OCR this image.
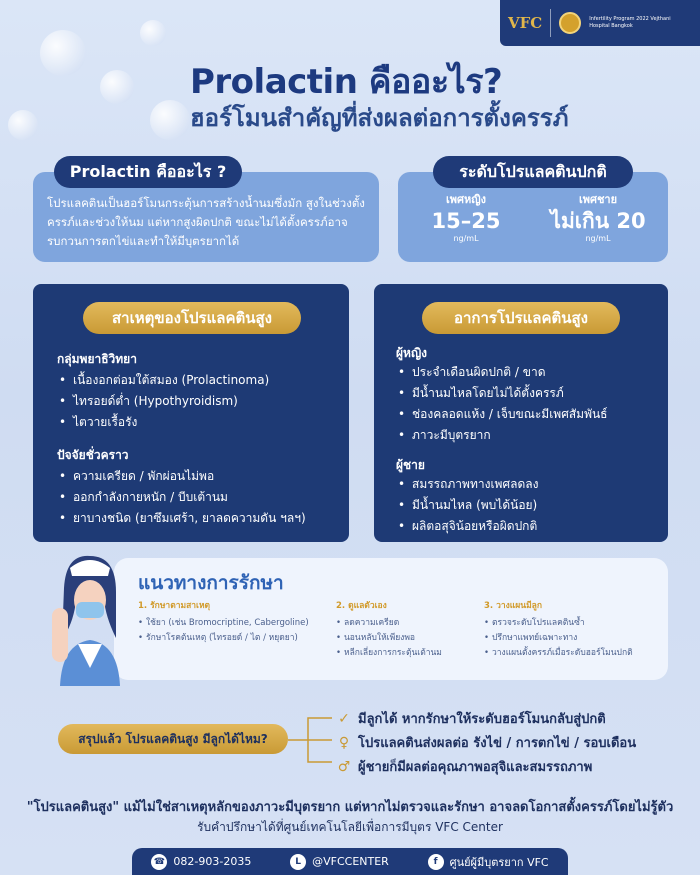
VFC	Infertility Program 2022 Vejthani Hospital Bangkok
Prolactin คืออะไร?
ฮอร์โมนสำคัญที่ส่งผลต่อการตั้งครรภ์
โปรแลคตินเป็นฮอร์โมนกระตุ้นการสร้างน้ำนมซึ่งมัก สูงในช่วงตั้งครรภ์และช่วงให้นม แต่หากสูงผิดปกติ ขณะไม่ได้ตั้งครรภ์อาจรบกวนการตกไข่และทำให้มีบุตรยากได้
Prolactin คืออะไร ?
เพศหญิง
15–25
ng/mL
เพศชาย
ไม่เกิน 20
ng/mL
ระดับโปรแลคตินปกติ
สาเหตุของโปรแลคตินสูง
กลุ่มพยาธิวิทยา
• เนื้องอกต่อมใต้สมอง (Prolactinoma)
• ไทรอยด์ต่ำ (Hypothyroidism)
• ไตวายเรื้อรัง
ปัจจัยชั่วคราว
• ความเครียด / พักผ่อนไม่พอ
• ออกกำลังกายหนัก / บีบเต้านม
• ยาบางชนิด (ยาซึมเศร้า, ยาลดความดัน ฯลฯ)
อาการโปรแลคตินสูง
ผู้หญิง
• ประจำเดือนผิดปกติ / ขาด
• มีน้ำนมไหลโดยไม่ได้ตั้งครรภ์
• ช่องคลอดแห้ง / เจ็บขณะมีเพศสัมพันธ์
• ภาวะมีบุตรยาก
ผู้ชาย
• สมรรถภาพทางเพศลดลง
• มีน้ำนมไหล (พบได้น้อย)
• ผลิตอสุจิน้อยหรือผิดปกติ
แนวทางการรักษา
1. รักษาตามสาเหตุ
• ใช้ยา (เช่น Bromocriptine, Cabergoline)
• รักษาโรคต้นเหตุ (ไทรอยด์ / ไต / หยุดยา)
2. ดูแลตัวเอง
• ลดความเครียด
• นอนหลับให้เพียงพอ
• หลีกเลี่ยงการกระตุ้นเต้านม
3. วางแผนมีลูก
• ตรวจระดับโปรแลคตินซ้ำ
• ปรึกษาแพทย์เฉพาะทาง
• วางแผนตั้งครรภ์เมื่อระดับฮอร์โมนปกติ
สรุปแล้ว โปรแลคตินสูง มีลูกได้ไหม?
✓ มีลูกได้ หากรักษาให้ระดับฮอร์โมนกลับสู่ปกติ
♀ โปรแลคตินส่งผลต่อ รังไข่ / การตกไข่ / รอบเดือน
♂ ผู้ชายก็มีผลต่อคุณภาพอสุจิและสมรรถภาพ
"โปรแลคตินสูง" แม้ไม่ใช่สาเหตุหลักของภาวะมีบุตรยาก แต่หากไม่ตรวจและรักษา อาจลดโอกาสตั้งครรภ์โดยไม่รู้ตัว
รับคำปรึกษาได้ที่ศูนย์เทคโนโลยีเพื่อการมีบุตร VFC Center
☎ 082-903-2035	L	@VFCCENTER	f	ศูนย์ผู้มีบุตรยาก VFC
